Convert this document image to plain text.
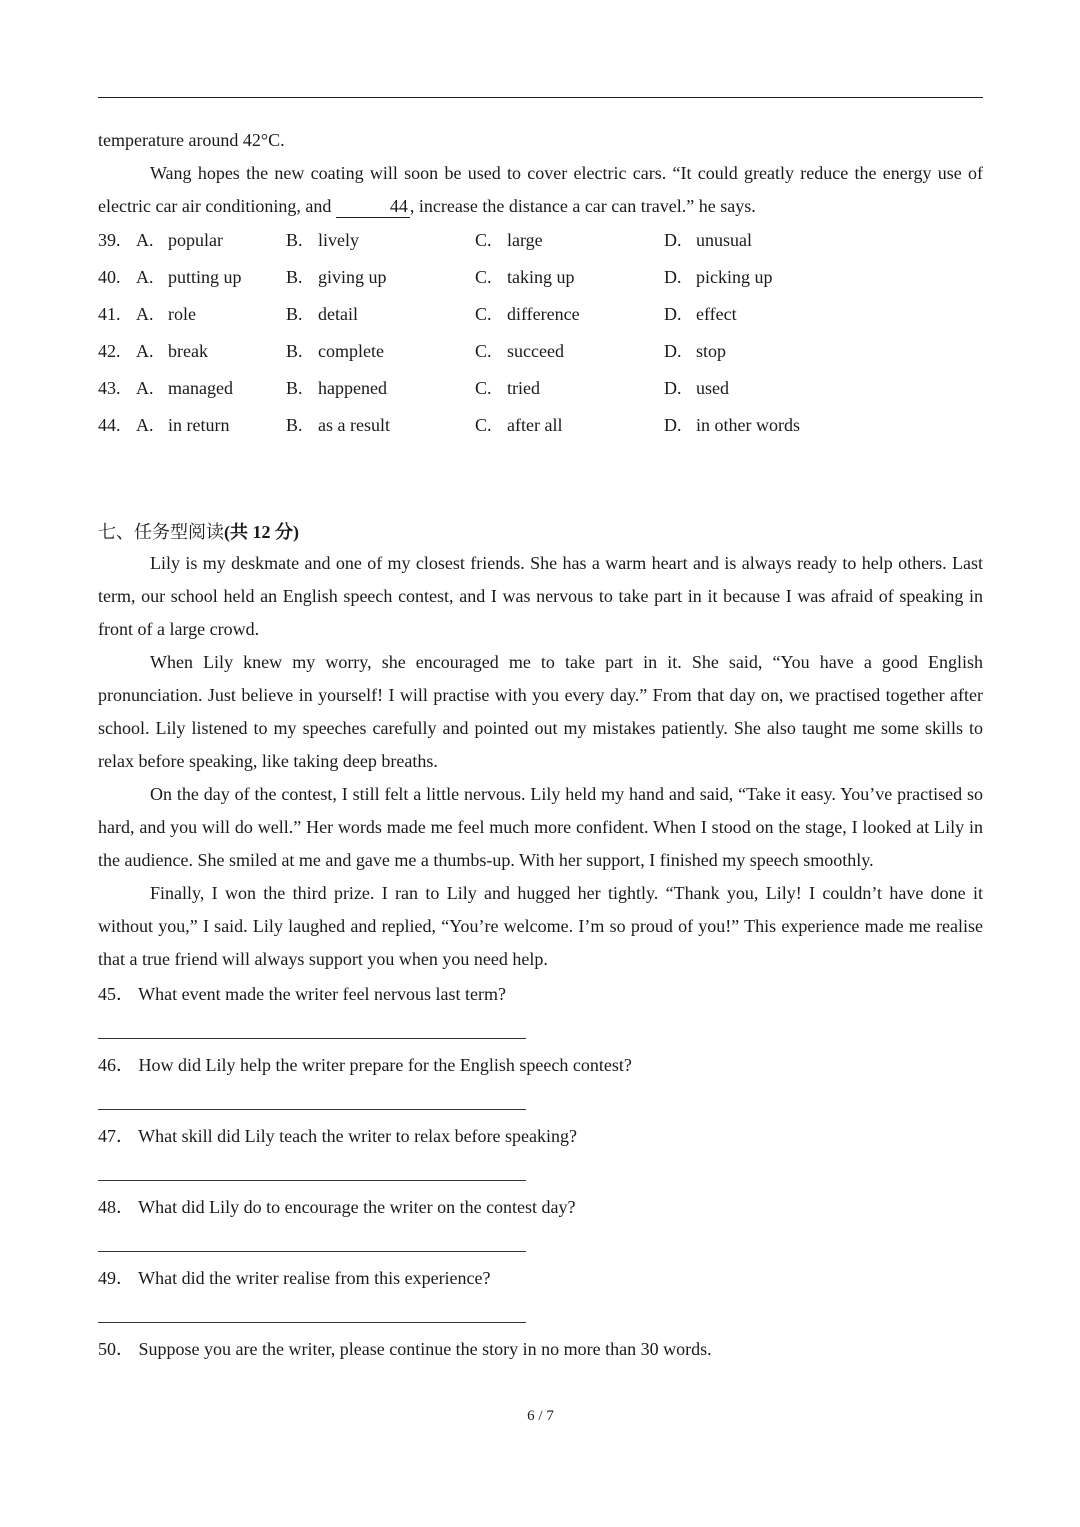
temperature around 42°C.

Wang hopes the new coating will soon be used to cover electric cars. “It could greatly reduce the energy use of electric car air conditioning, and	44 , increase the distance a car can travel.” he says.

39. A. popular	B. lively	C. large	D. unusual
40. A. putting up	B. giving up	C. taking up	D. picking up
41. A. role	B. detail	C. difference	D. effect
42. A. break	B. complete	C. succeed	D. stop
43. A. managed	B. happened	C. tried	D. used
44. A. in return	B. as a result	C. after all	D. in other words

七、任务型阅读(共 12 分)

Lily is my deskmate and one of my closest friends. She has a warm heart and is always ready to help others. Last term, our school held an English speech contest, and I was nervous to take part in it because I was afraid of speaking in front of a large crowd.

When Lily knew my worry, she encouraged me to take part in it. She said, “You have a good English pronunciation. Just believe in yourself! I will practise with you every day.” From that day on, we practised together after school. Lily listened to my speeches carefully and pointed out my mistakes patiently. She also taught me some skills to relax before speaking, like taking deep breaths.

On the day of the contest, I still felt a little nervous. Lily held my hand and said, “Take it easy. You’ve practised so hard, and you will do well.” Her words made me feel much more confident. When I stood on the stage, I looked at Lily in the audience. She smiled at me and gave me a thumbs-up. With her support, I finished my speech smoothly.

Finally, I won the third prize. I ran to Lily and hugged her tightly. “Thank you, Lily! I couldn’t have done it without you,” I said. Lily laughed and replied, “You’re welcome. I’m so proud of you!” This experience made me realise that a true friend will always support you when you need help.

45． What event made the writer feel nervous last term?

46． How did Lily help the writer prepare for the English speech contest?

47． What skill did Lily teach the writer to relax before speaking?

48． What did Lily do to encourage the writer on the contest day?

49． What did the writer realise from this experience?

50． Suppose you are the writer, please continue the story in no more than 30 words.

6 / 7
